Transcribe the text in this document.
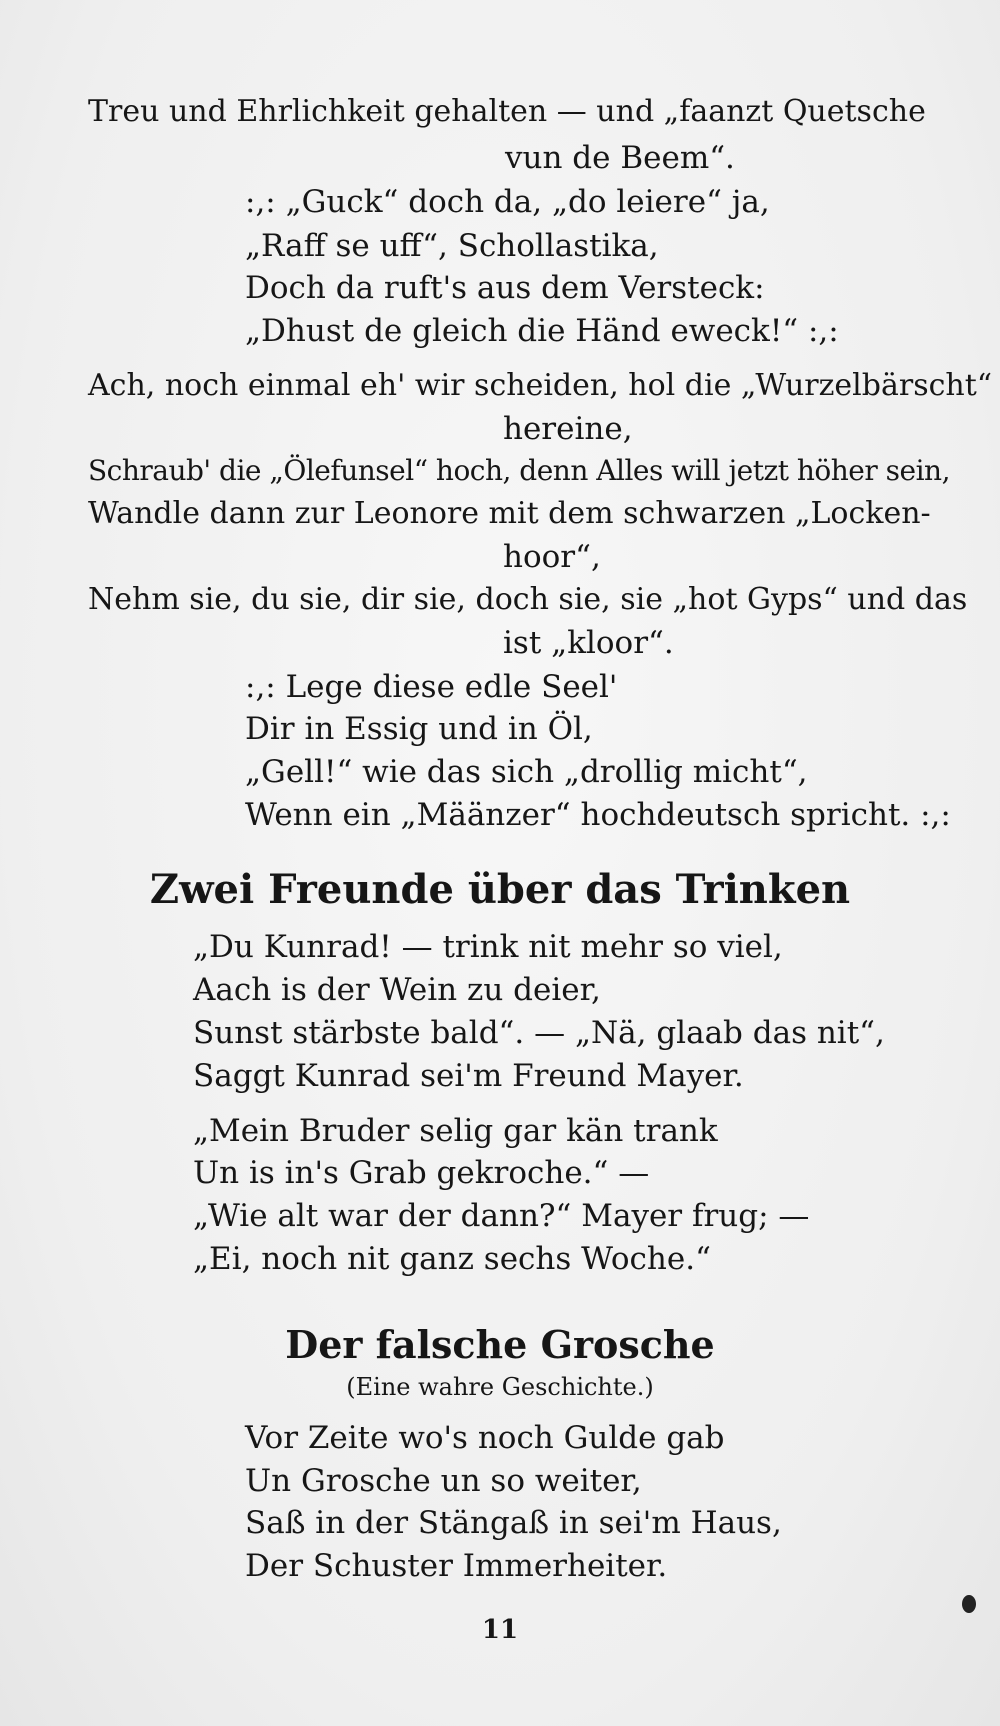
Treu und Ehrlichkeit gehalten — und „faanzt Quetsche
vun de Beem“.
:,: „Guck“ doch da, „do leiere“ ja,
„Raff se uff“, Schollastika,
Doch da ruft's aus dem Versteck:
„Dhust de gleich die Händ eweck!“ :,:
Ach, noch einmal eh' wir scheiden, hol die „Wurzelbärscht“
hereine,
Schraub' die „Ölefunsel“ hoch, denn Alles will jetzt höher sein,
Wandle dann zur Leonore mit dem schwarzen „Locken-
hoor“,
Nehm sie, du sie, dir sie, doch sie, sie „hot Gyps“ und das
ist „kloor“.
:,: Lege diese edle Seel'
Dir in Essig und in Öl,
„Gell!“ wie das sich „drollig micht“,
Wenn ein „Määnzer“ hochdeutsch spricht. :,:
Zwei Freunde über das Trinken
„Du Kunrad! — trink nit mehr so viel,
Aach is der Wein zu deier,
Sunst stärbste bald“. — „Nä, glaab das nit“,
Saggt Kunrad sei'm Freund Mayer.
„Mein Bruder selig gar kän trank
Un is in's Grab gekroche.“ —
„Wie alt war der dann?“ Mayer frug; —
„Ei, noch nit ganz sechs Woche.“
Der falsche Grosche
(Eine wahre Geschichte.)
Vor Zeite wo's noch Gulde gab
Un Grosche un so weiter,
Saß in der Stängaß in sei'm Haus,
Der Schuster Immerheiter.
11
